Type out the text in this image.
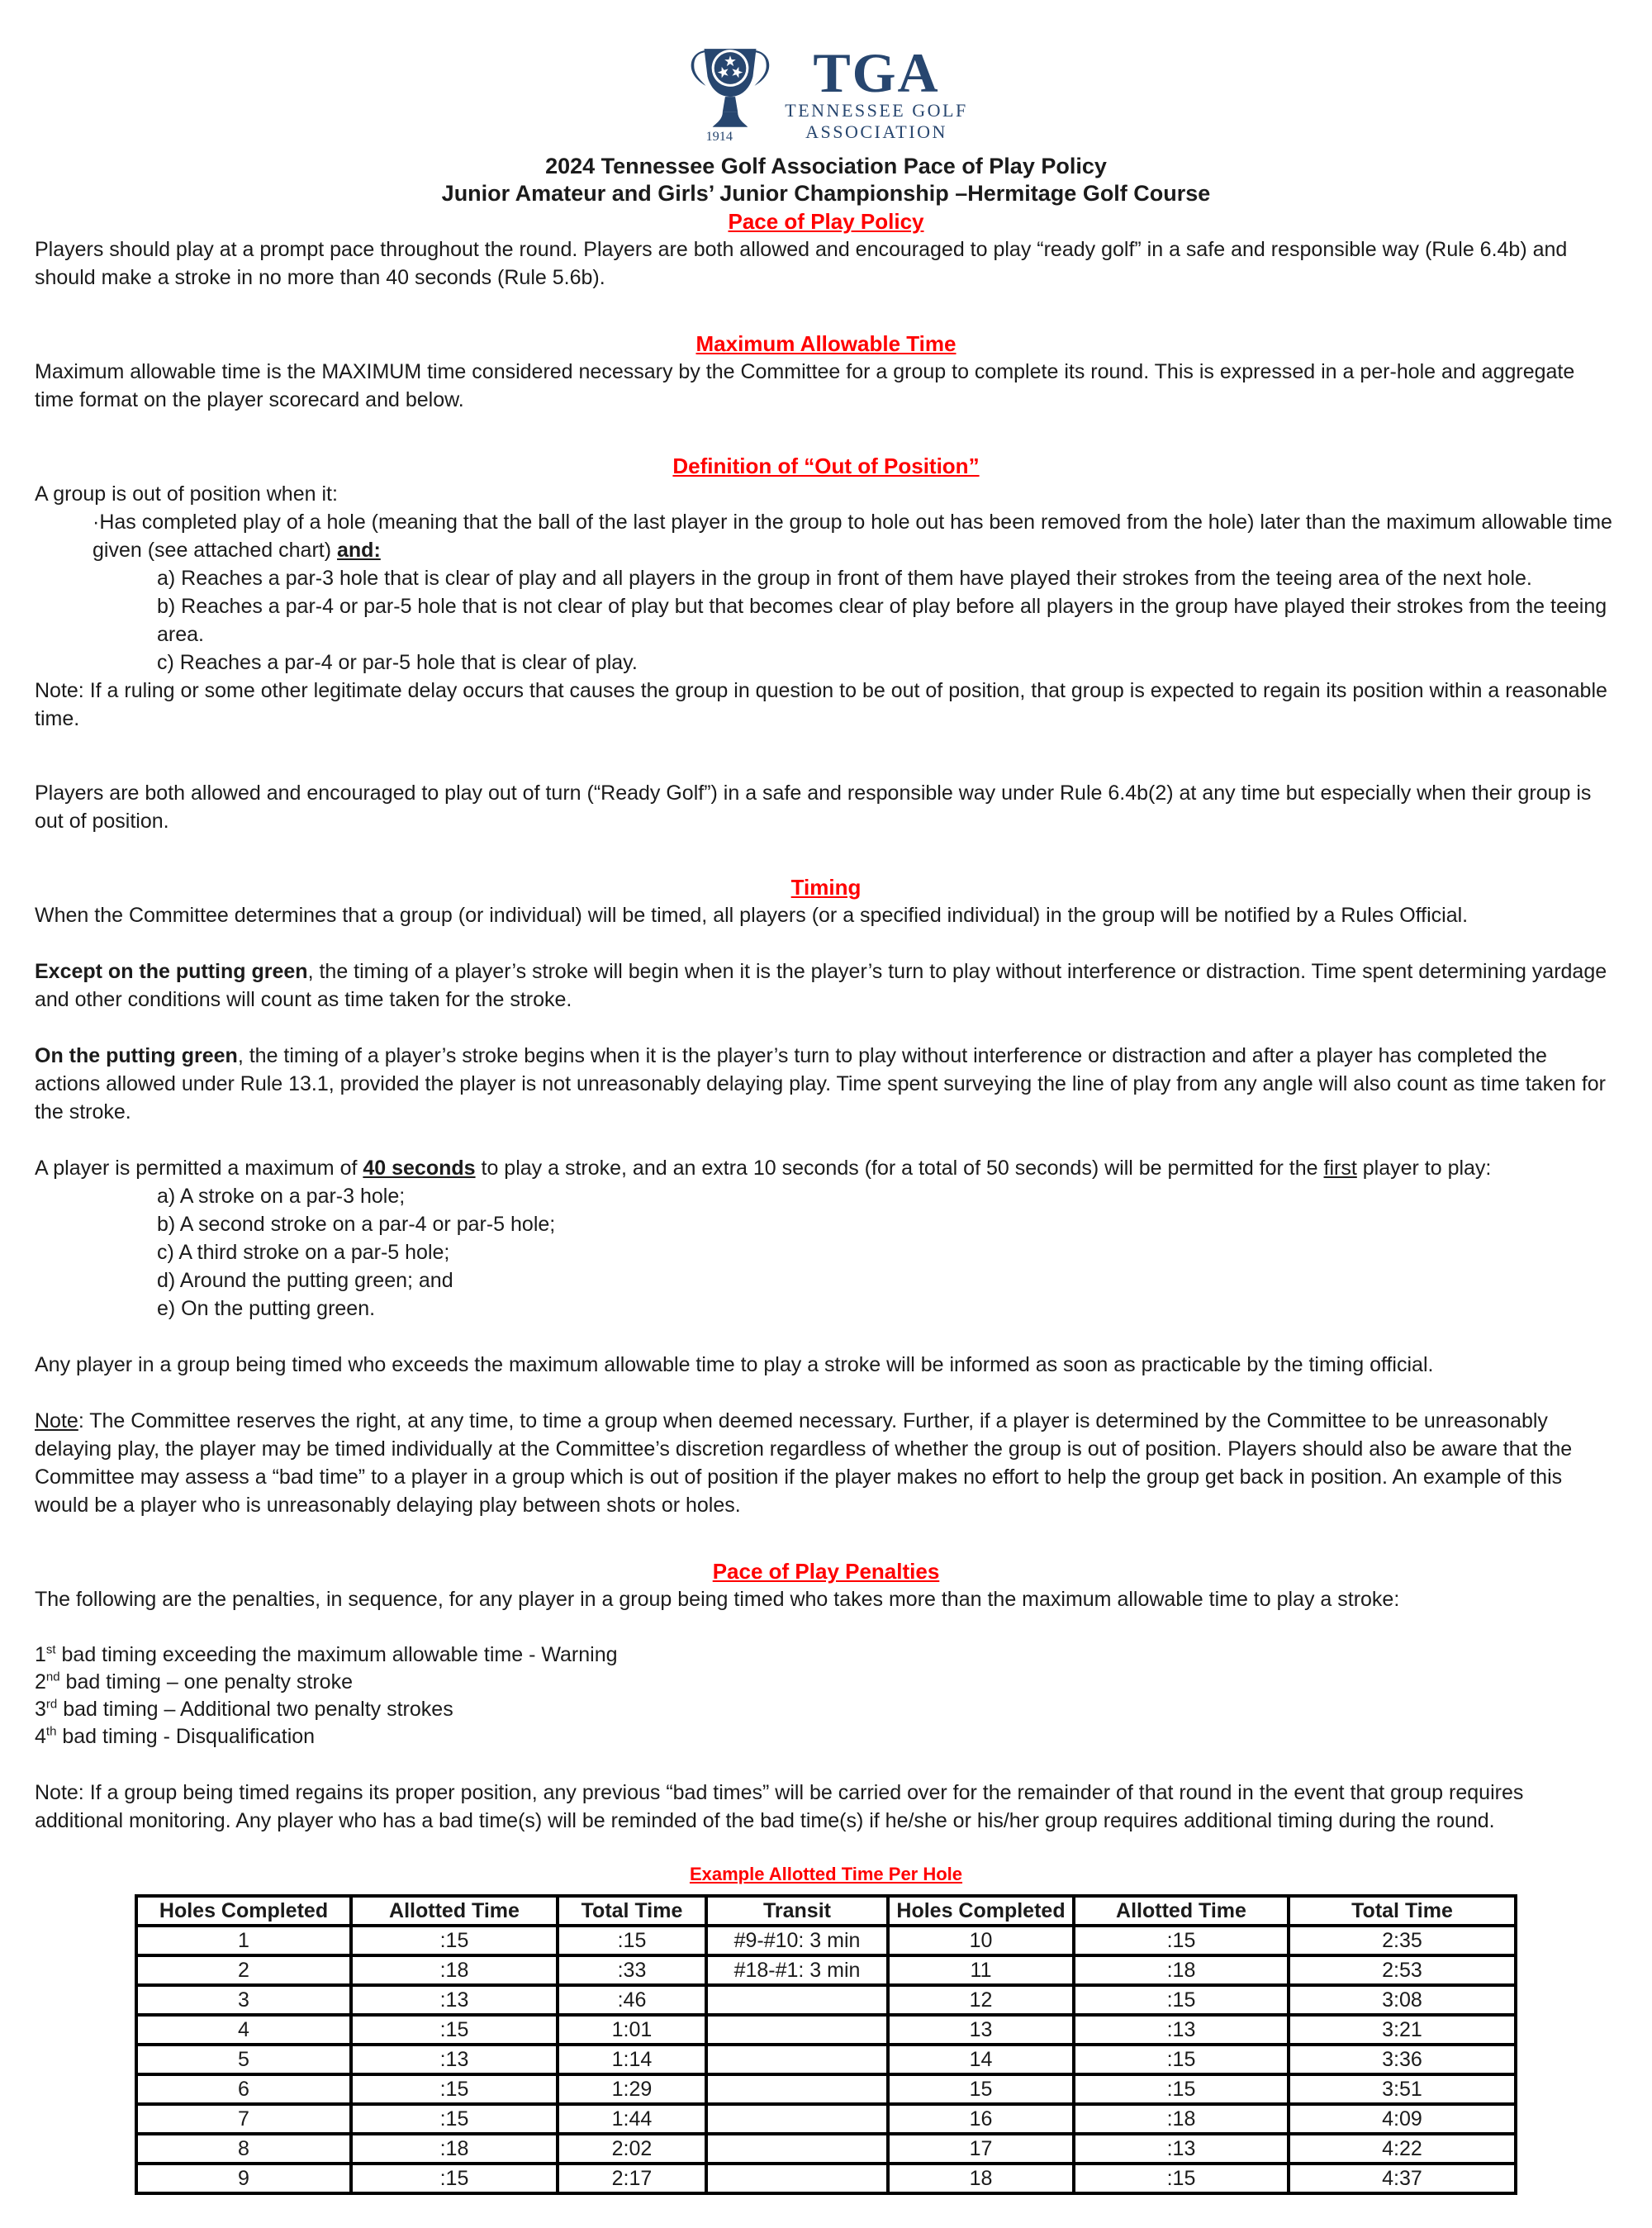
1914
TGA
TENNESSEE GOLF
ASSOCIATION
2024 Tennessee Golf Association Pace of Play Policy
Junior Amateur and Girls’ Junior Championship –Hermitage Golf Course
Pace of Play Policy

Players should play at a prompt pace throughout the round. Players are both allowed and encouraged to play “ready golf” in a safe and responsible way (Rule 6.4b) and should make a stroke in no more than 40 seconds (Rule 5.6b).

Maximum Allowable Time

Maximum allowable time is the MAXIMUM time considered necessary by the Committee for a group to complete its round. This is expressed in a per-hole and aggregate time format on the player scorecard and below.

Definition of “Out of Position”

A group is out of position when it:

·Has completed play of a hole (meaning that the ball of the last player in the group to hole out has been removed from the hole) later than the maximum allowable time given (see attached chart) and:

a) Reaches a par-3 hole that is clear of play and all players in the group in front of them have played their strokes from the teeing area of the next hole.

b) Reaches a par-4 or par-5 hole that is not clear of play but that becomes clear of play before all players in the group have played their strokes from the teeing area.

c) Reaches a par-4 or par-5 hole that is clear of play.

Note: If a ruling or some other legitimate delay occurs that causes the group in question to be out of position, that group is expected to regain its position within a reasonable time.

Players are both allowed and encouraged to play out of turn (“Ready Golf”) in a safe and responsible way under Rule 6.4b(2) at any time but especially when their group is out of position.

Timing

When the Committee determines that a group (or individual) will be timed, all players (or a specified individual) in the group will be notified by a Rules Official.

Except on the putting green, the timing of a player’s stroke will begin when it is the player’s turn to play without interference or distraction. Time spent determining yardage and other conditions will count as time taken for the stroke.

On the putting green, the timing of a player’s stroke begins when it is the player’s turn to play without interference or distraction and after a player has completed the actions allowed under Rule 13.1, provided the player is not unreasonably delaying play. Time spent surveying the line of play from any angle will also count as time taken for the stroke.

A player is permitted a maximum of 40 seconds to play a stroke, and an extra 10 seconds (for a total of 50 seconds) will be permitted for the first player to play:

a) A stroke on a par-3 hole;

b) A second stroke on a par-4 or par-5 hole;

c) A third stroke on a par-5 hole;

d) Around the putting green; and

e) On the putting green.

Any player in a group being timed who exceeds the maximum allowable time to play a stroke will be informed as soon as practicable by the timing official.

Note: The Committee reserves the right, at any time, to time a group when deemed necessary. Further, if a player is determined by the Committee to be unreasonably delaying play, the player may be timed individually at the Committee’s discretion regardless of whether the group is out of position. Players should also be aware that the Committee may assess a “bad time” to a player in a group which is out of position if the player makes no effort to help the group get back in position. An example of this would be a player who is unreasonably delaying play between shots or holes.

Pace of Play Penalties

The following are the penalties, in sequence, for any player in a group being timed who takes more than the maximum allowable time to play a stroke:

1st bad timing exceeding the maximum allowable time - Warning
2nd bad timing – one penalty stroke
3rd bad timing – Additional two penalty strokes
4th bad timing - Disqualification

Note: If a group being timed regains its proper position, any previous “bad times” will be carried over for the remainder of that round in the event that group requires additional monitoring. Any player who has a bad time(s) will be reminded of the bad time(s) if he/she or his/her group requires additional timing during the round.

Example Allotted Time Per Hole
Holes Completed	Allotted Time	Total Time	Transit	Holes Completed	Allotted Time	Total Time
1	:15	:15	#9-#10: 3 min	10	:15	2:35
2	:18	:33	#18-#1: 3 min	11	:18	2:53
3	:13	:46		12	:15	3:08
4	:15	1:01		13	:13	3:21
5	:13	1:14		14	:15	3:36
6	:15	1:29		15	:15	3:51
7	:15	1:44		16	:18	4:09
8	:18	2:02		17	:13	4:22
9	:15	2:17		18	:15	4:37
